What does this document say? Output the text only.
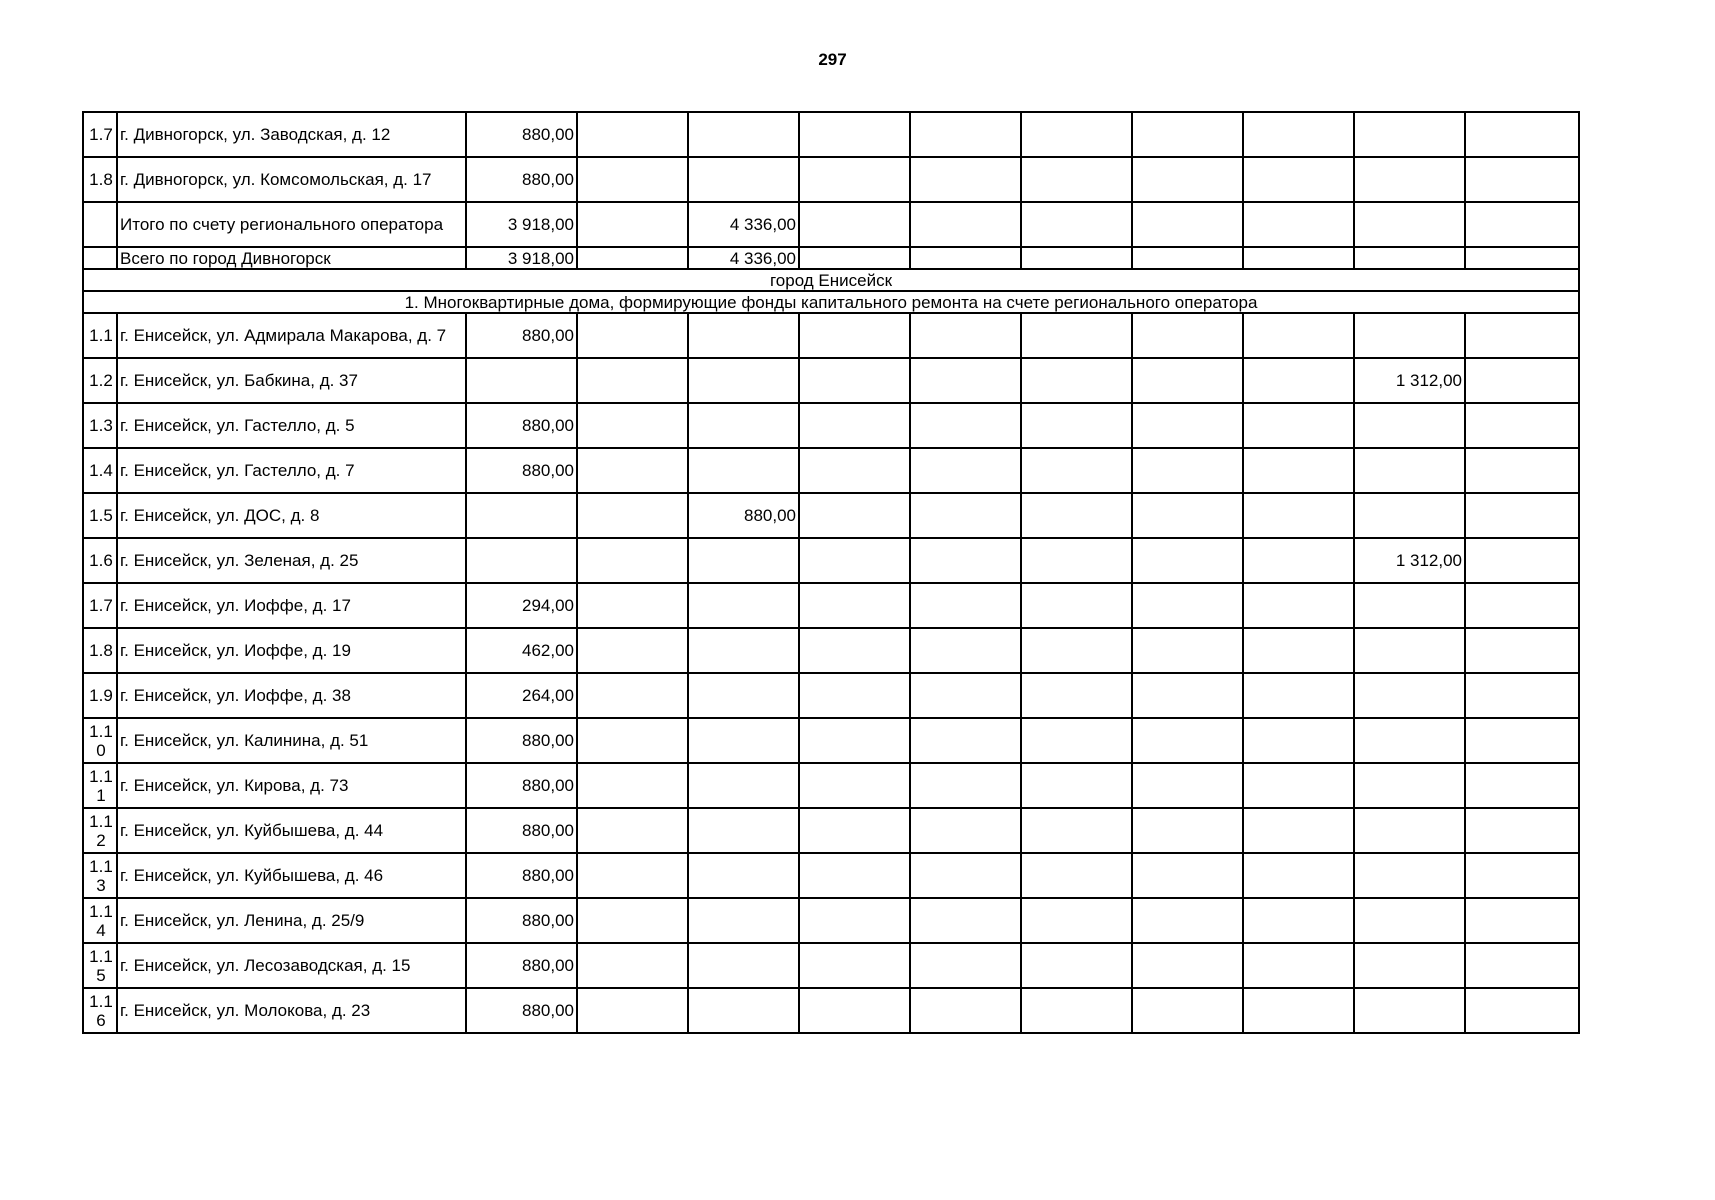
297
1.7	г. Дивногорск, ул. Заводская, д. 12	880,00									
1.8	г. Дивногорск, ул. Комсомольская, д. 17	880,00									
	Итого по счету регионального оператора	3 918,00		4 336,00							
	Всего по город Дивногорск	3 918,00		4 336,00							
город Енисейск											
1. Многоквартирные дома, формирующие фонды капитального ремонта на счете регионального оператора											
1.1	г. Енисейск, ул. Адмирала Макарова, д. 7	880,00									
1.2	г. Енисейск, ул. Бабкина, д. 37									1 312,00	
1.3	г. Енисейск, ул. Гастелло, д. 5	880,00									
1.4	г. Енисейск, ул. Гастелло, д. 7	880,00									
1.5	г. Енисейск, ул. ДОС, д. 8			880,00							
1.6	г. Енисейск, ул. Зеленая, д. 25									1 312,00	
1.7	г. Енисейск, ул. Иоффе, д. 17	294,00									
1.8	г. Енисейск, ул. Иоффе, д. 19	462,00									
1.9	г. Енисейск, ул. Иоффе, д. 38	264,00									
1.10	г. Енисейск, ул. Калинина, д. 51	880,00									
1.11	г. Енисейск, ул. Кирова, д. 73	880,00									
1.12	г. Енисейск, ул. Куйбышева, д. 44	880,00									
1.13	г. Енисейск, ул. Куйбышева, д. 46	880,00									
1.14	г. Енисейск, ул. Ленина, д. 25/9	880,00									
1.15	г. Енисейск, ул. Лесозаводская, д. 15	880,00									
1.16	г. Енисейск, ул. Молокова, д. 23	880,00									
